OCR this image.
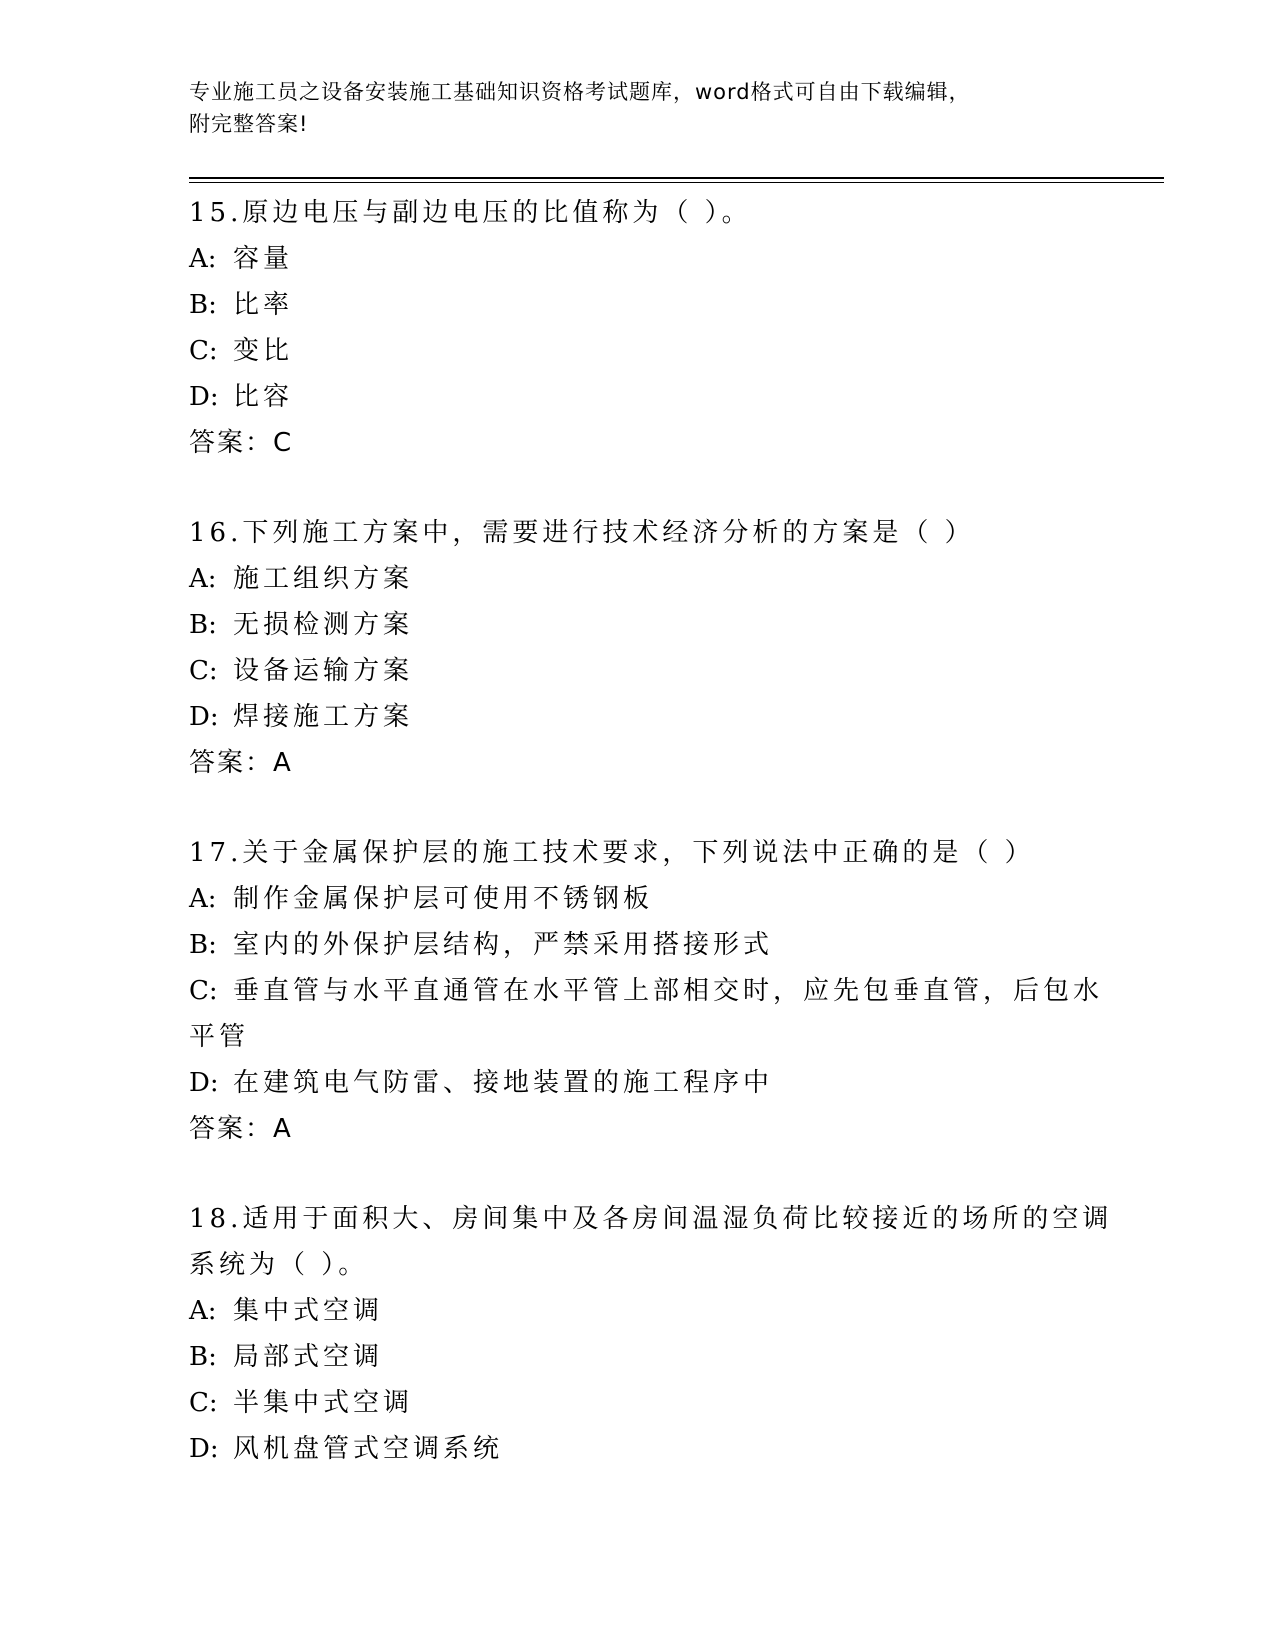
专业施工员之设备安装施工基础知识资格考试题库，word格式可自由下载编辑，
附完整答案!
15.原边电压与副边电压的比值称为（ ）。
A: 容量
B: 比率
C: 变比
D: 比容
答案：C
16.下列施工方案中，需要进行技术经济分析的方案是（ ）
A: 施工组织方案
B: 无损检测方案
C: 设备运输方案
D: 焊接施工方案
答案：A
17.关于金属保护层的施工技术要求，下列说法中正确的是（ ）
A: 制作金属保护层可使用不锈钢板
B: 室内的外保护层结构，严禁采用搭接形式
C: 垂直管与水平直通管在水平管上部相交时，应先包垂直管，后包水
平管
D: 在建筑电气防雷、接地装置的施工程序中
答案：A
18.适用于面积大、房间集中及各房间温湿负荷比较接近的场所的空调
系统为（ ）。
A: 集中式空调
B: 局部式空调
C: 半集中式空调
D: 风机盘管式空调系统
